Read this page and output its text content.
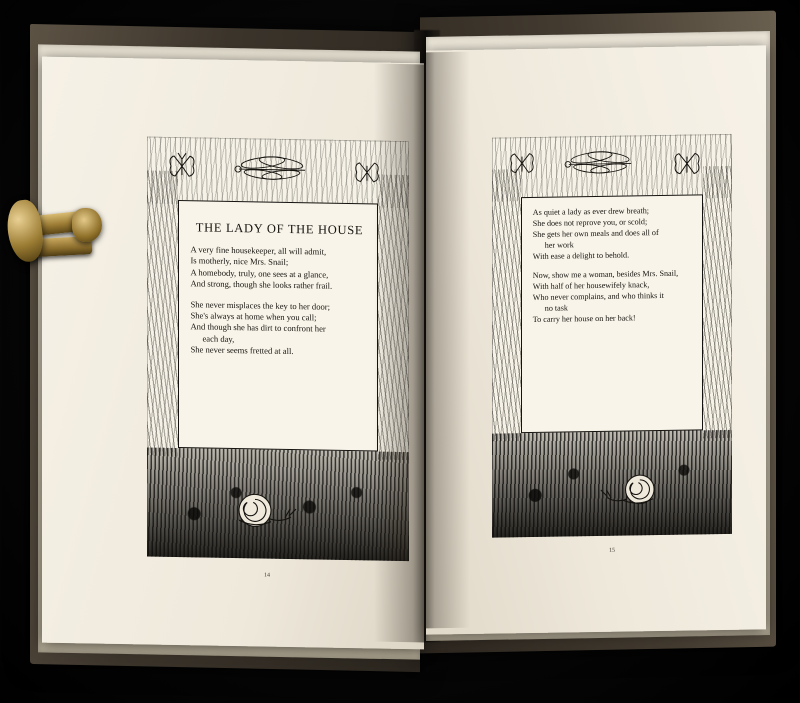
THE LADY OF THE HOUSE
A very fine housekeeper, all will admit,
Is motherly, nice Mrs. Snail;
A homebody, truly, one sees at a glance,
And strong, though she looks rather frail.
She never misplaces the key to her door;
She's always at home when you call;
And though she has dirt to confront her
each day,
She never seems fretted at all.
14
As quiet a lady as ever drew breath;
She does not reprove you, or scold;
She gets her own meals and does all of
her work
With ease a delight to behold.
Now, show me a woman, besides Mrs. Snail,
With half of her housewifely knack,
Who never complains, and who thinks it
no task
To carry her house on her back!
15
